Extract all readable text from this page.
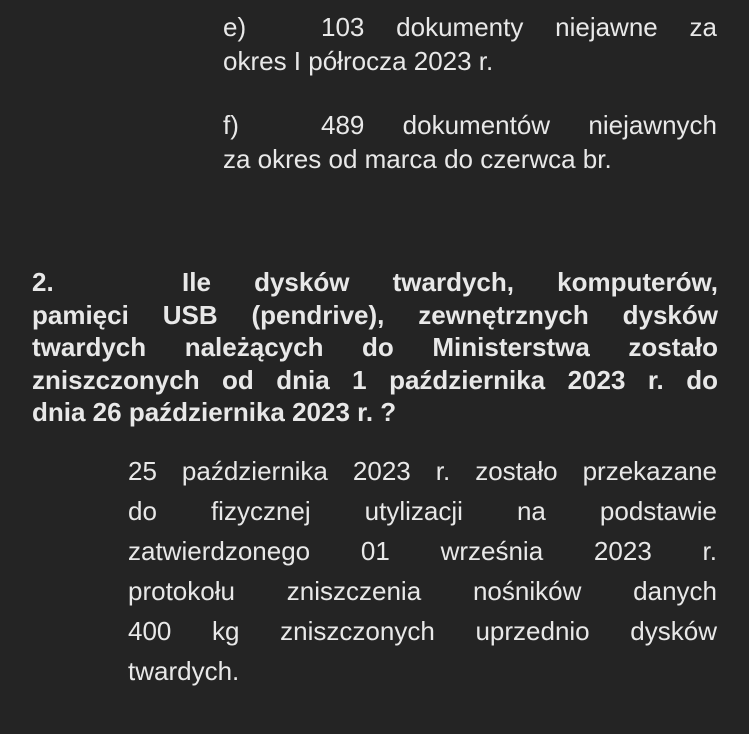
e)	103 dokumenty niejawne za
okres I półrocza 2023 r.
f)	489 dokumentów niejawnych
za okres od marca do czerwca br.
2.	Ile dysków twardych, komputerów,
pamięci USB (pendrive), zewnętrznych dysków
twardych należących do Ministerstwa zostało
zniszczonych od dnia 1 października 2023 r. do
dnia 26 października 2023 r. ?
25 października 2023 r. zostało przekazane
do fizycznej utylizacji na podstawie
zatwierdzonego 01 września 2023 r.
protokołu zniszczenia nośników danych
400 kg zniszczonych uprzednio dysków
twardych.
